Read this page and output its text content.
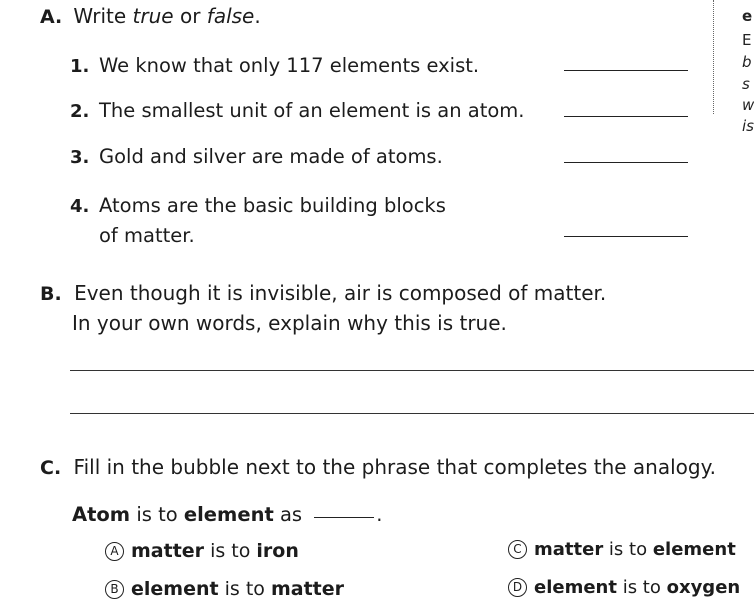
A. Write true or false.
1. We know that only 117 elements exist.
2. The smallest unit of an element is an atom.
3. Gold and silver are made of atoms.
4. Atoms are the basic building blocks
of matter.
e
E
b
s
w
is
B. Even though it is invisible, air is composed of matter.
In your own words, explain why this is true.
C. Fill in the bubble next to the phrase that completes the analogy.
Atom is to element as	.
A matter is to iron
B element is to matter
C matter is to element
D element is to oxygen
